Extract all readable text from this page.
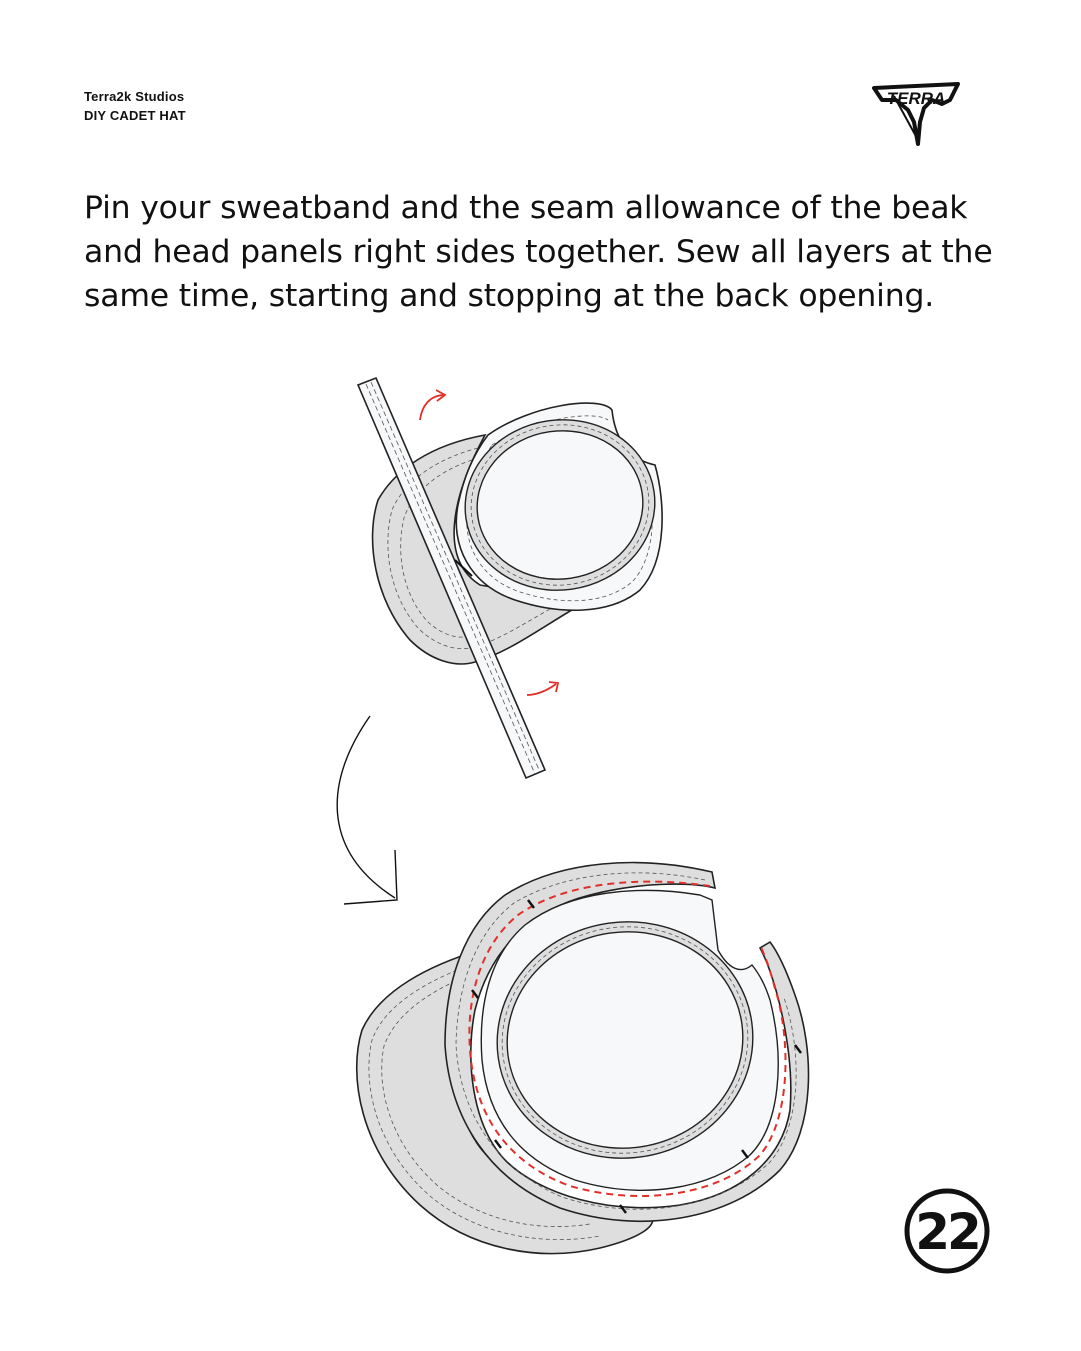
Terra2k Studios
DIY CADET HAT
TERRA

Pin your sweatband and the seam allowance of the beak and head panels right sides together. Sew all layers at the same time, starting and stopping at the back opening.

22
